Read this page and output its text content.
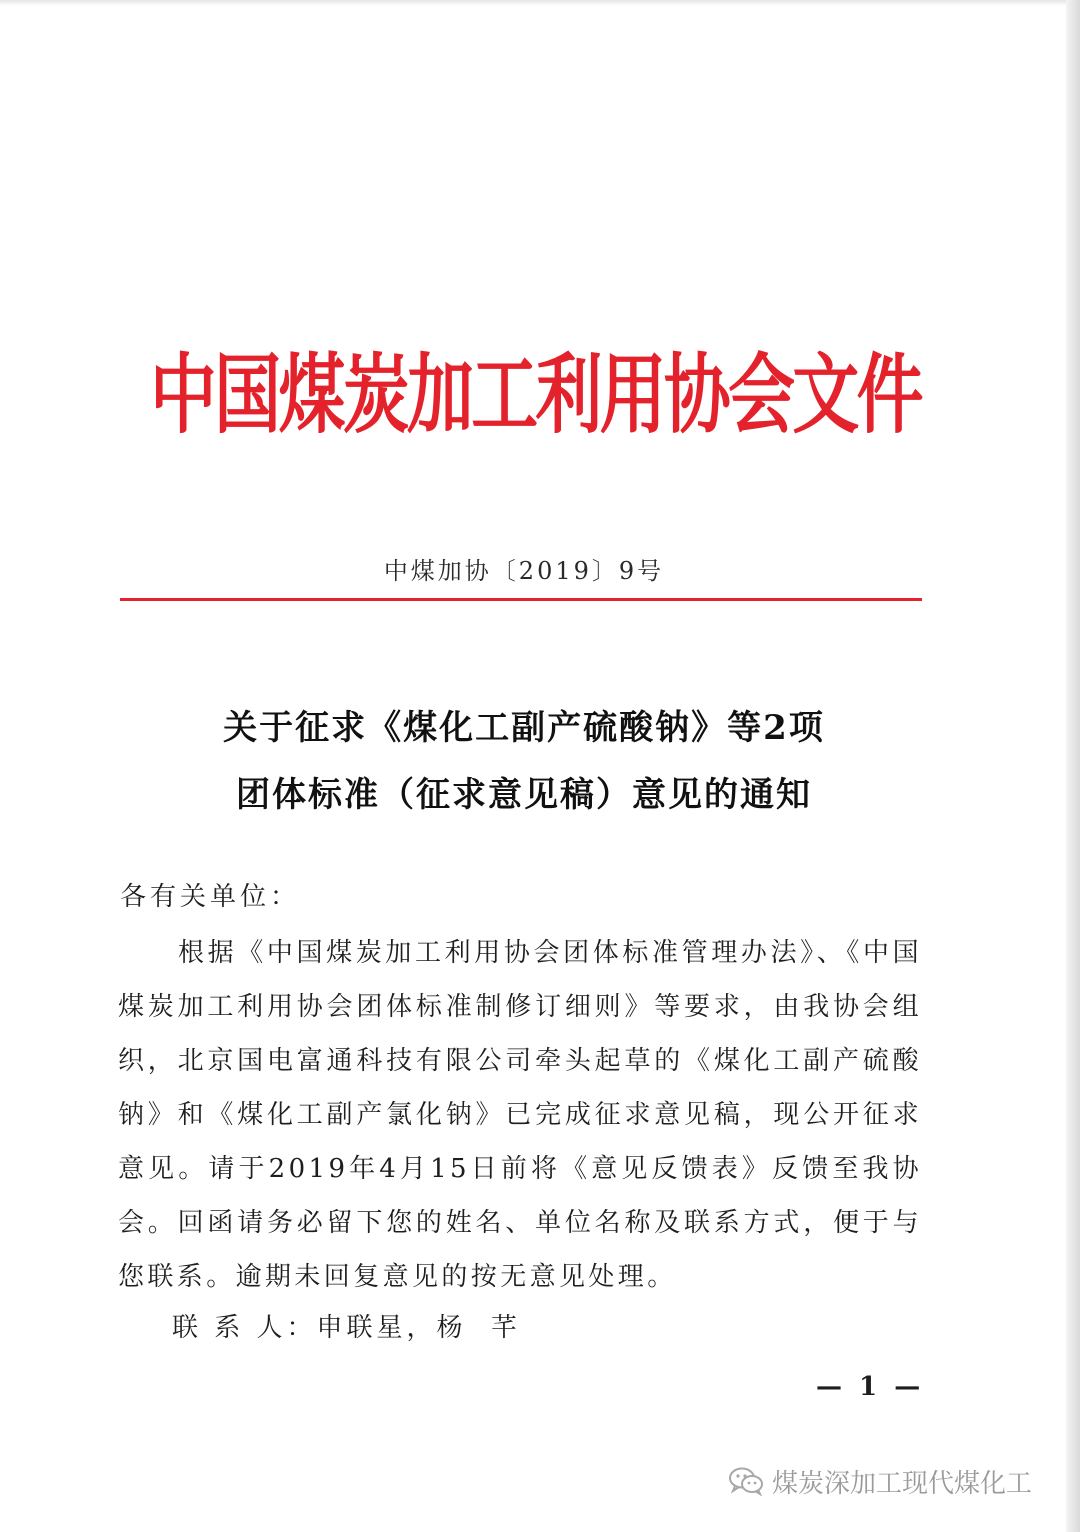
中国煤炭加工利用协会文件
中煤加协〔2019〕9号
关于征求《煤化工副产硫酸钠》等2项
团体标准（征求意见稿）意见的通知
各有关单位：
根据《中国煤炭加工利用协会团体标准管理办法》、《中国煤炭加工利用协会团体标准制修订细则》等要求，由我协会组织，北京国电富通科技有限公司牵头起草的《煤化工副产硫酸钠》和《煤化工副产氯化钠》已完成征求意见稿，现公开征求意见。请于2019年4月15日前将《意见反馈表》反馈至我协会。回函请务必留下您的姓名、单位名称及联系方式，便于与您联系。逾期未回复意见的按无意见处理。
联 系 人：申联星，杨  芊
— 1 —
煤炭深加工现代煤化工
